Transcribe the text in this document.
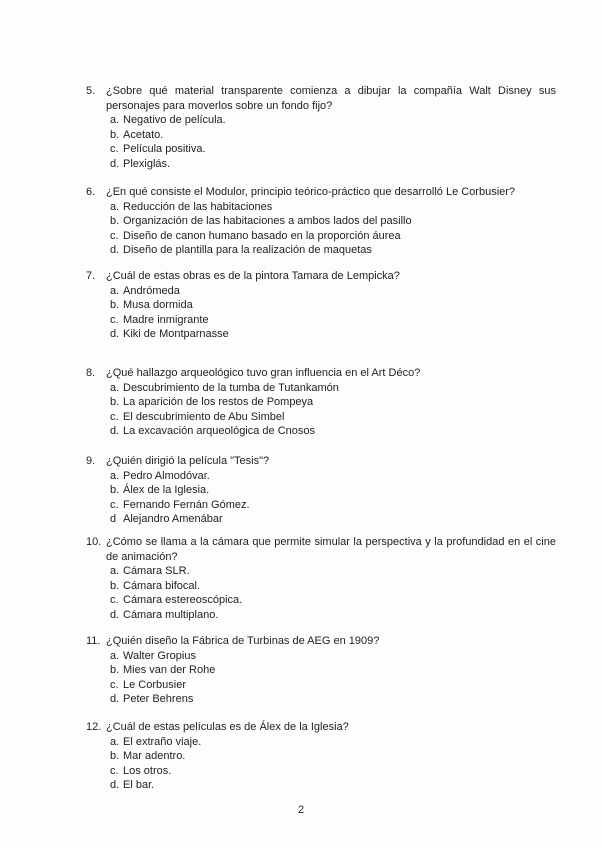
5. ¿Sobre qué material transparente comienza a dibujar la compañía Walt Disney sus personajes para moverlos sobre un fondo fijo?
a. Negativo de película.
b. Acetato.
c. Película positiva.
d. Plexiglás.
6. ¿En qué consiste el Modulor, principio teórico-práctico que desarrolló Le Corbusier?
a. Reducción de las habitaciones
b. Organización de las habitaciones a ambos lados del pasillo
c. Diseño de canon humano basado en la proporción áurea
d. Diseño de plantilla para la realización de maquetas
7. ¿Cuál de estas obras es de la pintora Tamara de Lempicka?
a. Andrómeda
b. Musa dormida
c. Madre inmigrante
d. Kiki de Montparnasse
8. ¿Qué hallazgo arqueológico tuvo gran influencia en el Art Déco?
a. Descubrimiento de la tumba de Tutankamón
b. La aparición de los restos de Pompeya
c. El descubrimiento de Abu Simbel
d. La excavación arqueológica de Cnosos
9. ¿Quién dirigió la película "Tesis"?
a. Pedro Almodóvar.
b. Álex de la Iglesia.
c. Fernando Fernán Gómez.
d Alejandro Amenábar
10. ¿Cómo se llama a la cámara que permite simular la perspectiva y la profundidad en el cine de animación?
a. Cámara SLR.
b. Cámara bifocal.
c. Cámara estereoscópica.
d. Cámara multiplano.
11. ¿Quién diseño la Fábrica de Turbinas de AEG en 1909?
a. Walter Gropius
b. Mies van der Rohe
c. Le Corbusier
d. Peter Behrens
12. ¿Cuál de estas películas es de Álex de la Iglesia?
a. El extraño viaje.
b. Mar adentro.
c. Los otros.
d. El bar.
2
